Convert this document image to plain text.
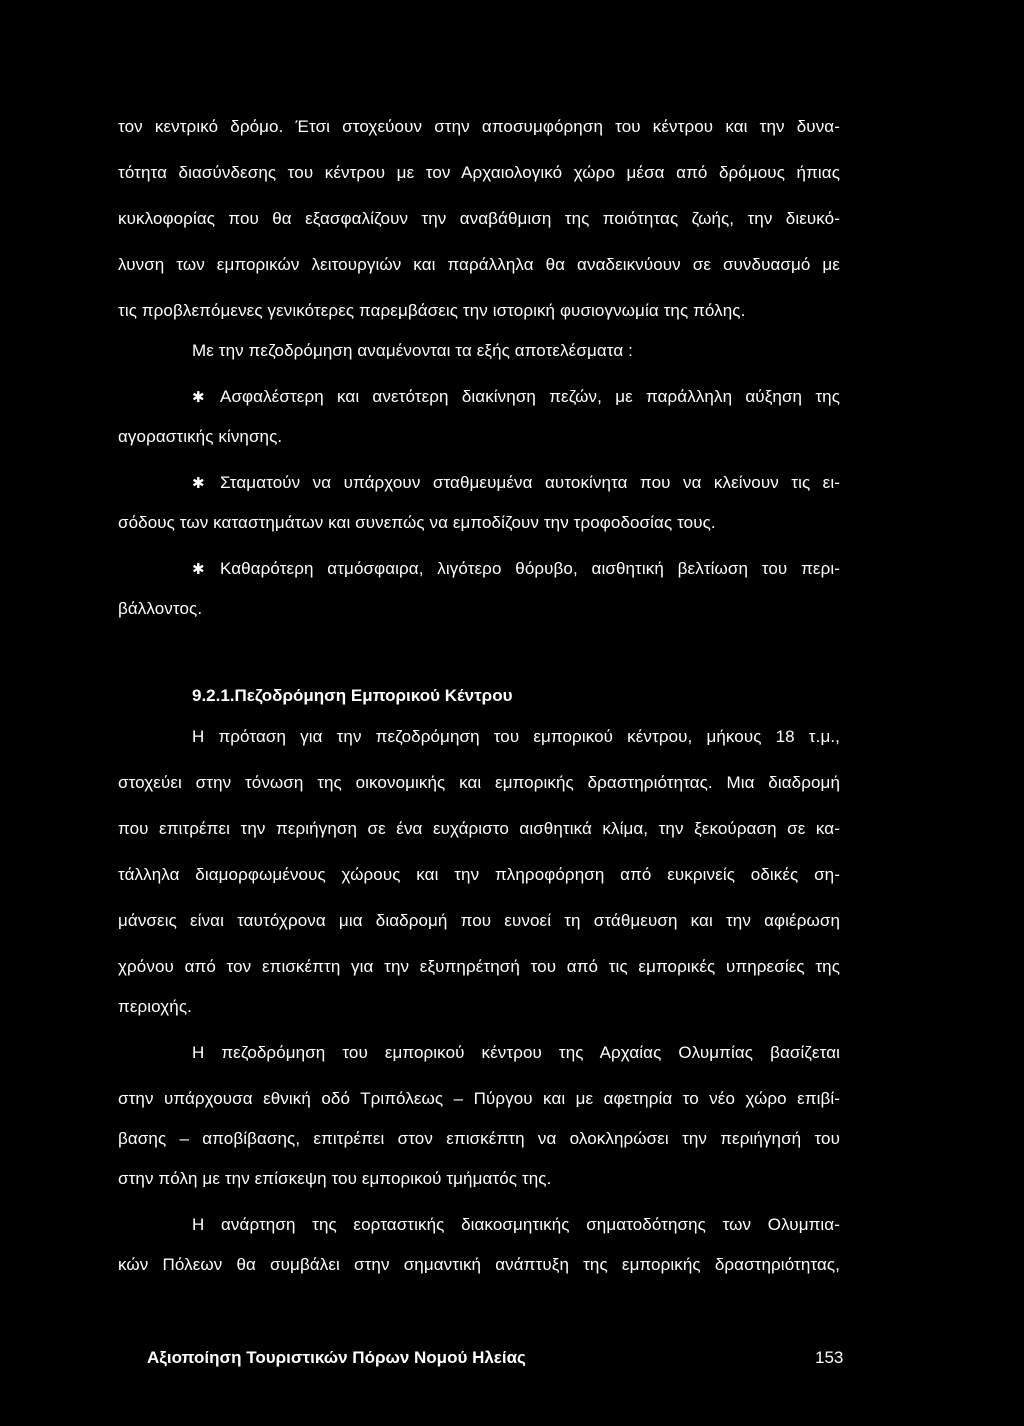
τον κεντρικό δρόμο. Έτσι στοχεύουν στην αποσυμφόρηση του κέντρου και την δυνα-
τότητα διασύνδεσης του κέντρου με τον Αρχαιολογικό χώρο μέσα από δρόμους ήπιας
κυκλοφορίας που θα εξασφαλίζουν την αναβάθμιση της ποιότητας ζωής, την διευκό-
λυνση των εμπορικών λειτουργιών και παράλληλα θα αναδεικνύουν σε συνδυασμό με
τις προβλεπόμενες γενικότερες παρεμβάσεις την ιστορική φυσιογνωμία της πόλης.
Με την πεζοδρόμηση αναμένονται τα εξής αποτελέσματα :
✱ Ασφαλέστερη και ανετότερη διακίνηση πεζών, με παράλληλη αύξηση της
αγοραστικής κίνησης.
✱ Σταματούν να υπάρχουν σταθμευμένα αυτοκίνητα που να κλείνουν τις ει-
σόδους των καταστημάτων και συνεπώς να εμποδίζουν την τροφοδοσίας τους.
✱ Καθαρότερη ατμόσφαιρα, λιγότερο θόρυβο, αισθητική βελτίωση του περι-
βάλλοντος.
9.2.1.Πεζοδρόμηση Εμπορικού Κέντρου
Η πρόταση για την πεζοδρόμηση του εμπορικού κέντρου, μήκους 18 τ.μ.,
στοχεύει στην τόνωση της οικονομικής και εμπορικής δραστηριότητας. Μια διαδρομή
που επιτρέπει την περιήγηση σε ένα ευχάριστο αισθητικά κλίμα, την ξεκούραση σε κα-
τάλληλα διαμορφωμένους χώρους και την πληροφόρηση από ευκρινείς οδικές ση-
μάνσεις είναι ταυτόχρονα μια διαδρομή που ευνοεί τη στάθμευση και την αφιέρωση
χρόνου από τον επισκέπτη για την εξυπηρέτησή του από τις εμπορικές υπηρεσίες της
περιοχής.
Η πεζοδρόμηση του εμπορικού κέντρου της Αρχαίας Ολυμπίας βασίζεται
στην υπάρχουσα εθνική οδό Τριπόλεως – Πύργου και με αφετηρία το νέο χώρο επιβί-
βασης – αποβίβασης, επιτρέπει στον επισκέπτη να ολοκληρώσει την περιήγησή του
στην πόλη με την επίσκεψη του εμπορικού τμήματός της.
Η ανάρτηση της εορταστικής διακοσμητικής σηματοδότησης των Ολυμπια-
κών Πόλεων θα συμβάλει στην σημαντική ανάπτυξη της εμπορικής δραστηριότητας,
Αξιοποίηση Τουριστικών Πόρων Νομού Ηλείας	153
